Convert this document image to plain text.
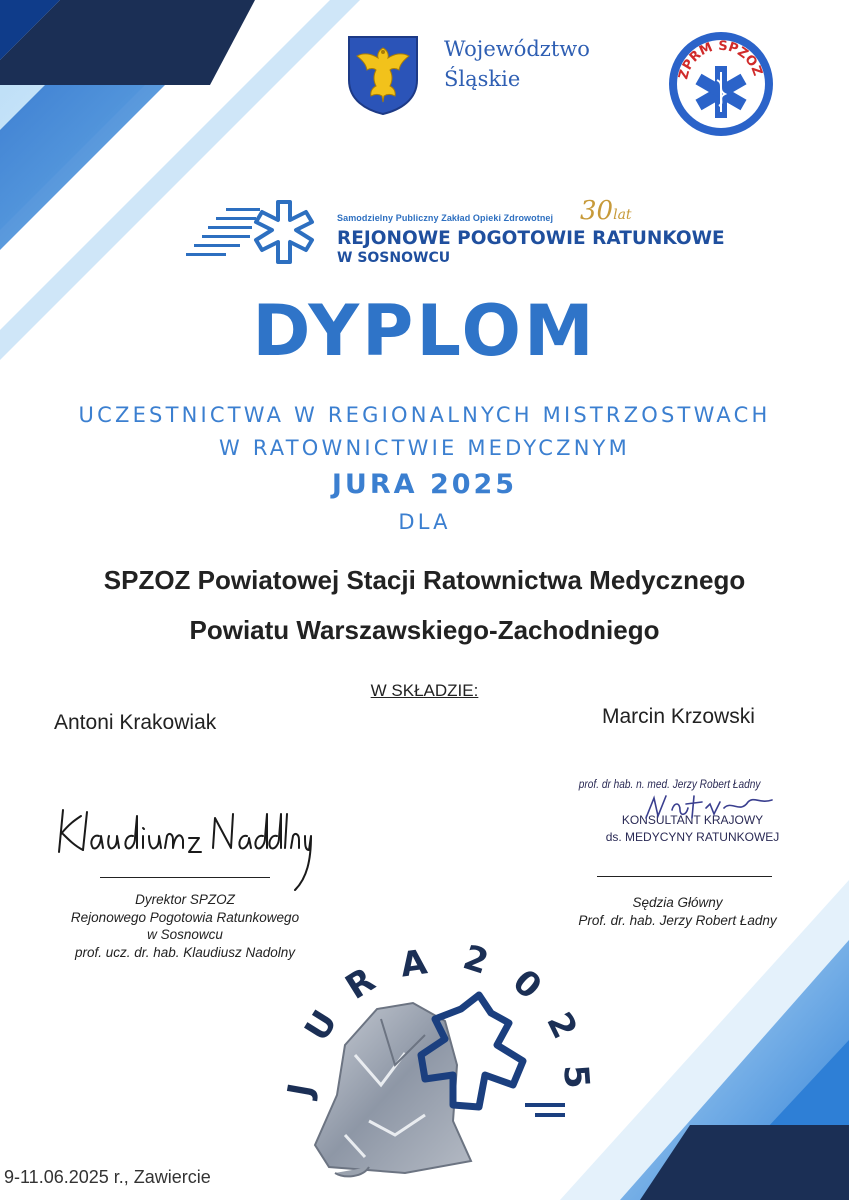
Województwo
Śląskie	ZPRM SPZOZ
Samodzielny Publiczny Zakład Opieki Zdrowotnej 30lat
REJONOWE POGOTOWIE RATUNKOWE
W SOSNOWCU
DYPLOM
UCZESTNICTWA W REGIONALNYCH MISTRZOSTWACH
W RATOWNICTWIE MEDYCZNYM
JURA 2025
DLA
SPZOZ Powiatowej Stacji Ratownictwa Medycznego
Powiatu Warszawskiego-Zachodniego
W SKŁADZIE:
Antoni Krakowiak	Marcin Krzowski
Dyrektor SPZOZ
Rejonowego Pogotowia Ratunkowego
w Sosnowcu
prof. ucz. dr. hab. Klaudiusz Nadolny
prof. dr hab. n. med. Jerzy Robert Ładny
KONSULTANT KRAJOWY
ds. MEDYCYNY RATUNKOWEJ
Sędzia Główny
Prof. dr. hab. Jerzy Robert Ładny
J
U
R A 2
0
2
5
9-11.06.2025 r., Zawiercie
